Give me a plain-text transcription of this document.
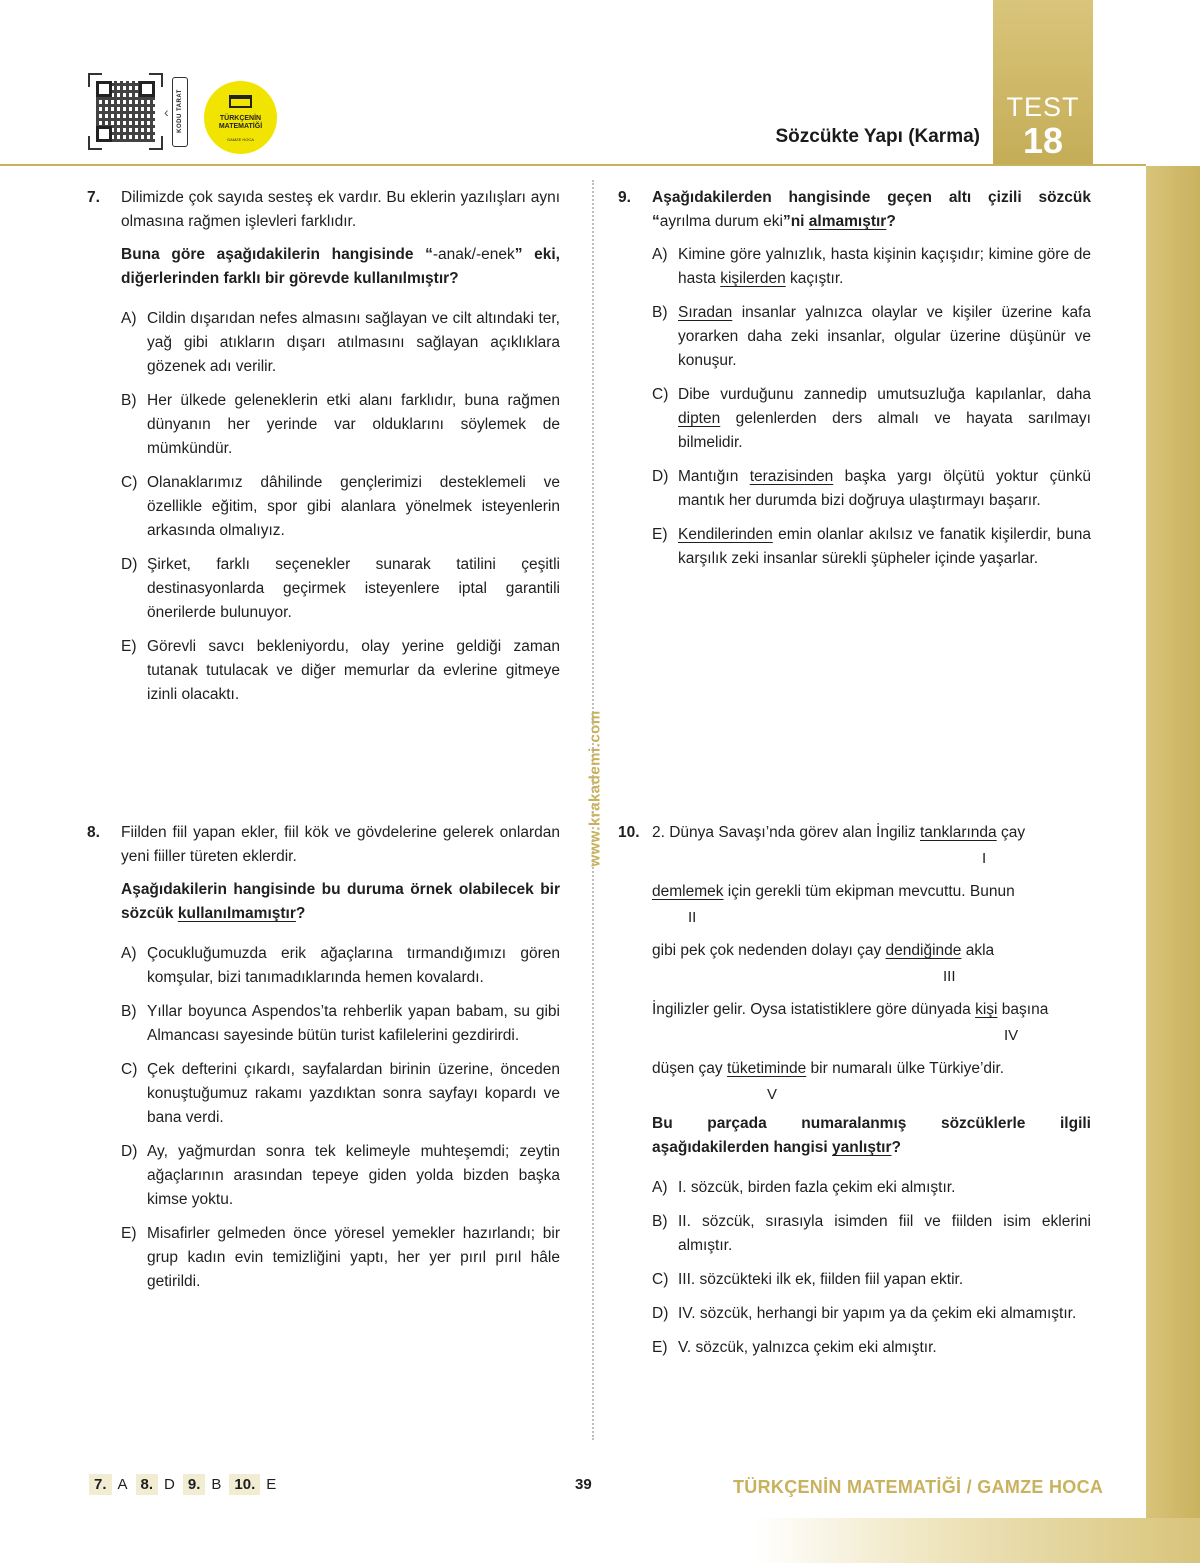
TEST
18
Sözcükte Yapı (Karma)
‹ KODU TARAT	TÜRKÇENİN
MATEMATİĞİ
GAMZE HOCA
www.krakademi.com
7. Dilimizde çok sayıda sesteş ek vardır. Bu eklerin yazılışları aynı olmasına rağmen işlevleri farklıdır.

Buna göre aşağıdakilerin hangisinde “-anak/-enek” eki, diğerlerinden farklı bir görevde kullanılmıştır?

A) Cildin dışarıdan nefes almasını sağlayan ve cilt altındaki ter, yağ gibi atıkların dışarı atılmasını sağlayan açıklıklara gözenek adı verilir.
B) Her ülkede geleneklerin etki alanı farklıdır, buna rağmen dünyanın her yerinde var olduklarını söylemek de mümkündür.
C) Olanaklarımız dâhilinde gençlerimizi desteklemeli ve özellikle eğitim, spor gibi alanlara yönelmek isteyenlerin arkasında olmalıyız.
D) Şirket, farklı seçenekler sunarak tatilini çeşitli destinasyonlarda geçirmek isteyenlere iptal garantili önerilerde bulunuyor.
E) Görevli savcı bekleniyordu, olay yerine geldiği zaman tutanak tutulacak ve diğer memurlar da evlerine gitmeye izinli olacaktı.
8. Fiilden fiil yapan ekler, fiil kök ve gövdelerine gelerek onlardan yeni fiiller türeten eklerdir.

Aşağıdakilerin hangisinde bu duruma örnek olabilecek bir sözcük kullanılmamıştır?

A) Çocukluğumuzda erik ağaçlarına tırmandığımızı gören komşular, bizi tanımadıklarında hemen kovalardı.
B) Yıllar boyunca Aspendos’ta rehberlik yapan babam, su gibi Almancası sayesinde bütün turist kafilelerini gezdirirdi.
C) Çek defterini çıkardı, sayfalardan birinin üzerine, önceden konuştuğumuz rakamı yazdıktan sonra sayfayı kopardı ve bana verdi.
D) Ay, yağmurdan sonra tek kelimeyle muhteşemdi; zeytin ağaçlarının arasından tepeye giden yolda bizden başka kimse yoktu.
E) Misafirler gelmeden önce yöresel yemekler hazırlandı; bir grup kadın evin temizliğini yaptı, her yer pırıl pırıl hâle getirildi.
9. Aşağıdakilerden hangisinde geçen altı çizili sözcük “ayrılma durum eki”ni almamıştır?

A) Kimine göre yalnızlık, hasta kişinin kaçışıdır; kimine göre de hasta kişilerden kaçıştır.
B) Sıradan insanlar yalnızca olaylar ve kişiler üzerine kafa yorarken daha zeki insanlar, olgular üzerine düşünür ve konuşur.
C) Dibe vurduğunu zannedip umutsuzluğa kapılanlar, daha dipten gelenlerden ders almalı ve hayata sarılmayı bilmelidir.
D) Mantığın terazisinden başka yargı ölçütü yoktur çünkü mantık her durumda bizi doğruya ulaştırmayı başarır.
E) Kendilerinden emin olanlar akılsız ve fanatik kişilerdir, buna karşılık zeki insanlar sürekli şüpheler içinde yaşarlar.
10. 2. Dünya Savaşı’nda görev alan İngiliz tanklarında çay
I
demlemek için gerekli tüm ekipman mevcuttu. Bunun
II
gibi pek çok nedenden dolayı çay dendiğinde akla
III
İngilizler gelir. Oysa istatistiklere göre dünyada kişi başına
IV
düşen çay tüketiminde bir numaralı ülke Türkiye’dir.
V

Bu parçada numaralanmış sözcüklerle ilgili aşağıdakilerden hangisi yanlıştır?

A) I. sözcük, birden fazla çekim eki almıştır.
B) II. sözcük, sırasıyla isimden fiil ve fiilden isim eklerini almıştır.
C) III. sözcükteki ilk ek, fiilden fiil yapan ektir.
D) IV. sözcük, herhangi bir yapım ya da çekim eki almamıştır.
E) V. sözcük, yalnızca çekim eki almıştır.
7. A 8. D 9. B 10. E	39	TÜRKÇENİN MATEMATİĞİ / GAMZE HOCA
